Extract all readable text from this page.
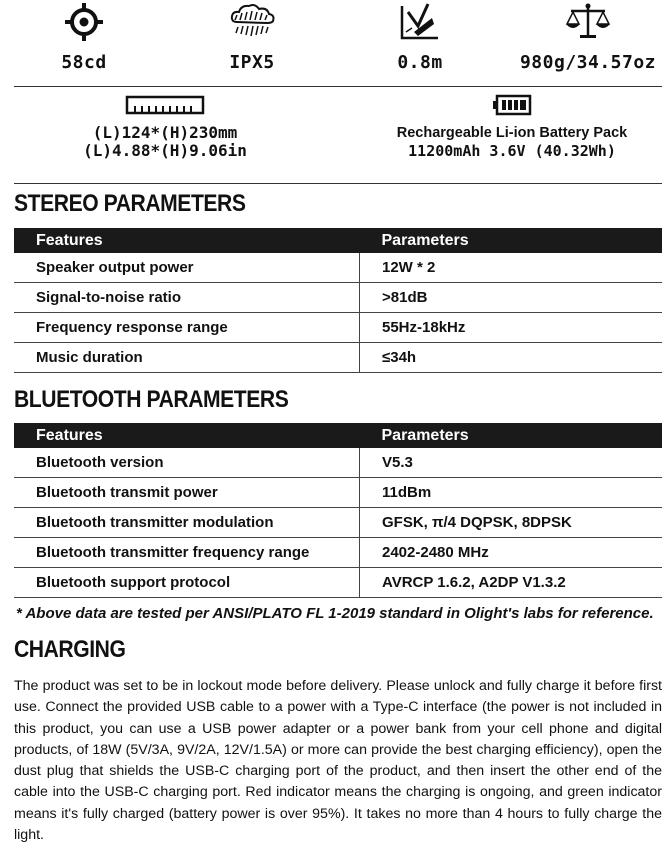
58cd	IPX5	0.8m	980g/34.57oz
(L)124*(H)230mm
(L)4.88*(H)9.06in
Rechargeable Li-ion Battery Pack
11200mAh 3.6V (40.32Wh)
STEREO PARAMETERS
Features	Parameters
Speaker output power	12W * 2
Signal-to-noise ratio	>81dB
Frequency response range	55Hz-18kHz
Music duration	≤34h
BLUETOOTH PARAMETERS
Features	Parameters
Bluetooth version	V5.3
Bluetooth transmit power	11dBm
Bluetooth transmitter modulation	GFSK, π/4 DQPSK, 8DPSK
Bluetooth transmitter frequency range	2402-2480 MHz
Bluetooth support protocol	AVRCP 1.6.2, A2DP V1.3.2
* Above data are tested per ANSI/PLATO FL 1-2019 standard in Olight's labs for reference.
CHARGING
The product was set to be in lockout mode before delivery. Please unlock and fully charge it before first use. Connect the provided USB cable to a power with a Type-C interface (the power is not included in this product, you can use a USB power adapter or a power bank from your cell phone and digital products, of 18W (5V/3A, 9V/2A, 12V/1.5A) or more can provide the best charging efficiency), open the dust plug that shields the USB-C charging port of the product, and then insert the other end of the cable into the USB-C charging port. Red indicator means the charging is ongoing, and green indicator means it's fully charged (battery power is over 95%). It takes no more than 4 hours to fully charge the light.
